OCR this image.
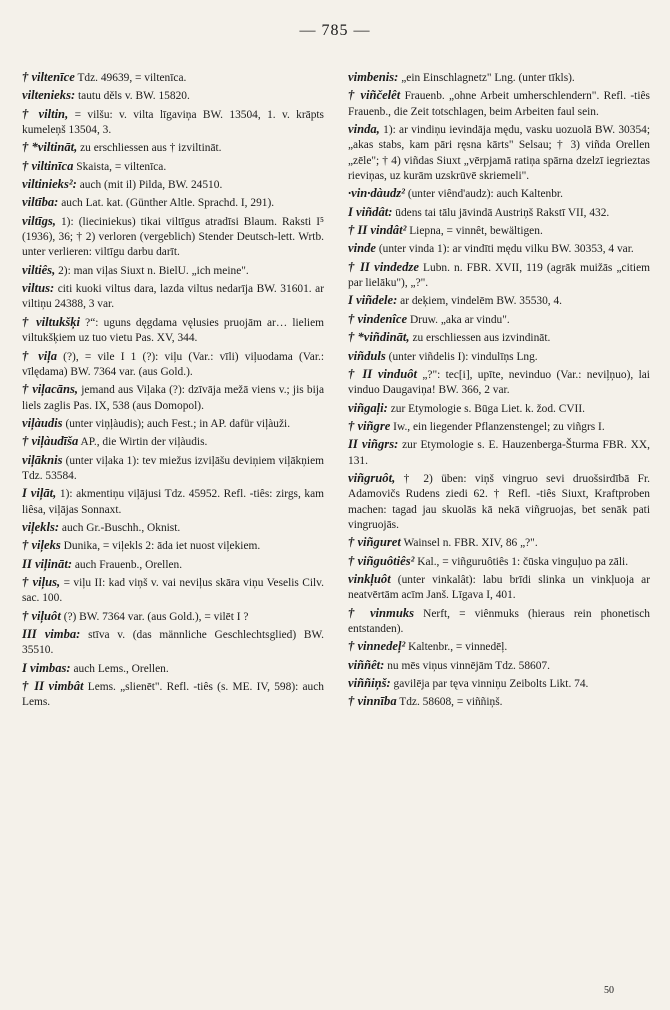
— 785 —
† viltenīce Tdz. 49639, = viltenīca.
viltenieks: tautu děls v. BW. 15820.
† viltin, = vilšu: v. vilta līgaviņa BW. 13504, 1. v. krāpts kumeleņš 13504, 3.
† *viltināt, zu erschliessen aus † izviltināt.
† viltinīca Skaista, = viltenīca.
viltinieks²: auch (mit il) Pilda, BW. 24510.
viltība: auch Lat. kat. (Günther Altle. Sprachd. I, 291).
viltīgs, 1): (lieciniekus) tikai viltīgus atradīsi Blaum. Raksti I⁵ (1936), 36; † 2) verloren (vergeblich) Stender Deutsch-lett. Wrtb. unter verlieren: viltīgu darbu darīt.
viltiês, 2): man viļas Siuxt n. BielU. „ich meine".
viltus: citi kuoki viltus dara, lazda viltus nedarīja BW. 31601. ar viltiņu 24388, 3 var.
† viltukšķi ?“: uguns dęgdama vęlusies pruojām ar… lieliem viltukšķiem uz tuo vietu Pas. XV, 344.
† viļa (?), = vile I 1 (?): viļu (Var.: vīli) viļuodama (Var.: vīlędama) BW. 7364 var. (aus Gold.).
† viļacāns, jemand aus Viļaka (?): dzīvāja mežā viens v.; jis bija liels zaglis Pas. IX, 538 (aus Domopol).
viļàudis (unter viņļàudis); auch Fest.; in AP. dafür viļàuži.
† viļàudīša AP., die Wirtin der viļàudis.
viļāknis (unter viļaka 1): tev miežus izviļāšu deviņiem viļākņiem Tdz. 53584.
I viļāt, 1): akmentiņu viļājusi Tdz. 45952. Refl. -tiês: zirgs, kam liêsa, viļājas Sonnaxt.
viļekls: auch Gr.-Buschh., Oknist.
† viļeks Dunika, = viļekls 2: āda iet nuost viļekiem.
II viļināt: auch Frauenb., Orellen.
† viļus, = viļu II: kad viņš v. vai neviļus skāra viņu Veselis Cilv. sac. 100.
† viļuôt (?) BW. 7364 var. (aus Gold.), = vilēt I ?
III vimba: stīva v. (das männliche Geschlechtsglied) BW. 35510.
I vimbas: auch Lems., Orellen.
† II vimbât Lems. „slienēt". Refl. -tiês (s. ME. IV, 598): auch Lems.
vimbenis: „ein Einschlagnetz" Lng. (unter tīkls).
† viñčelêt Frauenb. „ohne Arbeit umherschlendern". Refl. -tiês Frauenb., die Zeit totschlagen, beim Arbeiten faul sein.
vinda, 1): ar vindiņu ievindāja mędu, vasku uozuolā BW. 30354; „akas stabs, kam pāri ręsna kārts" Selsau; † 3) viñda Orellen „zēle"; † 4) viñdas Siuxt „vērpjamā ratiņa spārna dzelzī iegrieztas rieviņas, uz kurām uzskrūvē skriemeli".
·vin·dàudz² (unter viênd'audz): auch Kaltenbr.
I viñdât: ūdens tai tālu jāvindā Austriņš Rakstī VII, 432.
† II vindât² Liepna, = vinnêt, bewältigen.
vinde (unter vinda 1): ar vindīti mędu vilku BW. 30353, 4 var.
† II vindedze Lubn. n. FBR. XVII, 119 (agrāk muižās „citiem par lielāku"), „?".
I viñdele: ar deķiem, vindelēm BW. 35530, 4.
† vindenîce Druw. „aka ar vindu".
† *viñdināt, zu erschliessen aus izvindināt.
viñduls (unter viñdelis I): vindulīņs Lng.
† II vinduôt „?": tec[i], upīte, nevinduo (Var.: neviļņuo), lai vinduo Daugaviņa! BW. 366, 2 var.
viñgaļi: zur Etymologie s. Būga Liet. k. žod. CVII.
† viñgre Iw., ein liegender Pflanzenstengel; zu viñgrs I.
II viñgrs: zur Etymologie s. E. Hauzenberga-Šturma FBR. XX, 131.
viñgruôt, † 2) üben: viņš vingruo sevi druošsirdībā Fr. Adamovičs Rudens ziedi 62. † Refl. -tiês Siuxt, Kraftproben machen: tagad jau skuolās kā nekā viñgruojas, bet senāk pati vingruojās.
† viñguret Wainsel n. FBR. XIV, 86 „?".
† viñguôtiês² Kal., = viñguruôtiês 1: čūska vinguļuo pa zāli.
vinkļuôt (unter vinkalât): labu brīdi slinka un vinkļuoja ar neatvērtām acīm Janš. Līgava I, 401.
† vinmuks Nerft, = viênmuks (hieraus rein phonetisch entstanden).
† vinnedeļ² Kaltenbr., = vinnedēļ.
viññêt: nu mēs viņus vinnējām Tdz. 58607.
viññiņš: gavilēja par tęva vinniņu Zeibolts Likt. 74.
† vinnība Tdz. 58608, = viññiņš.
50
